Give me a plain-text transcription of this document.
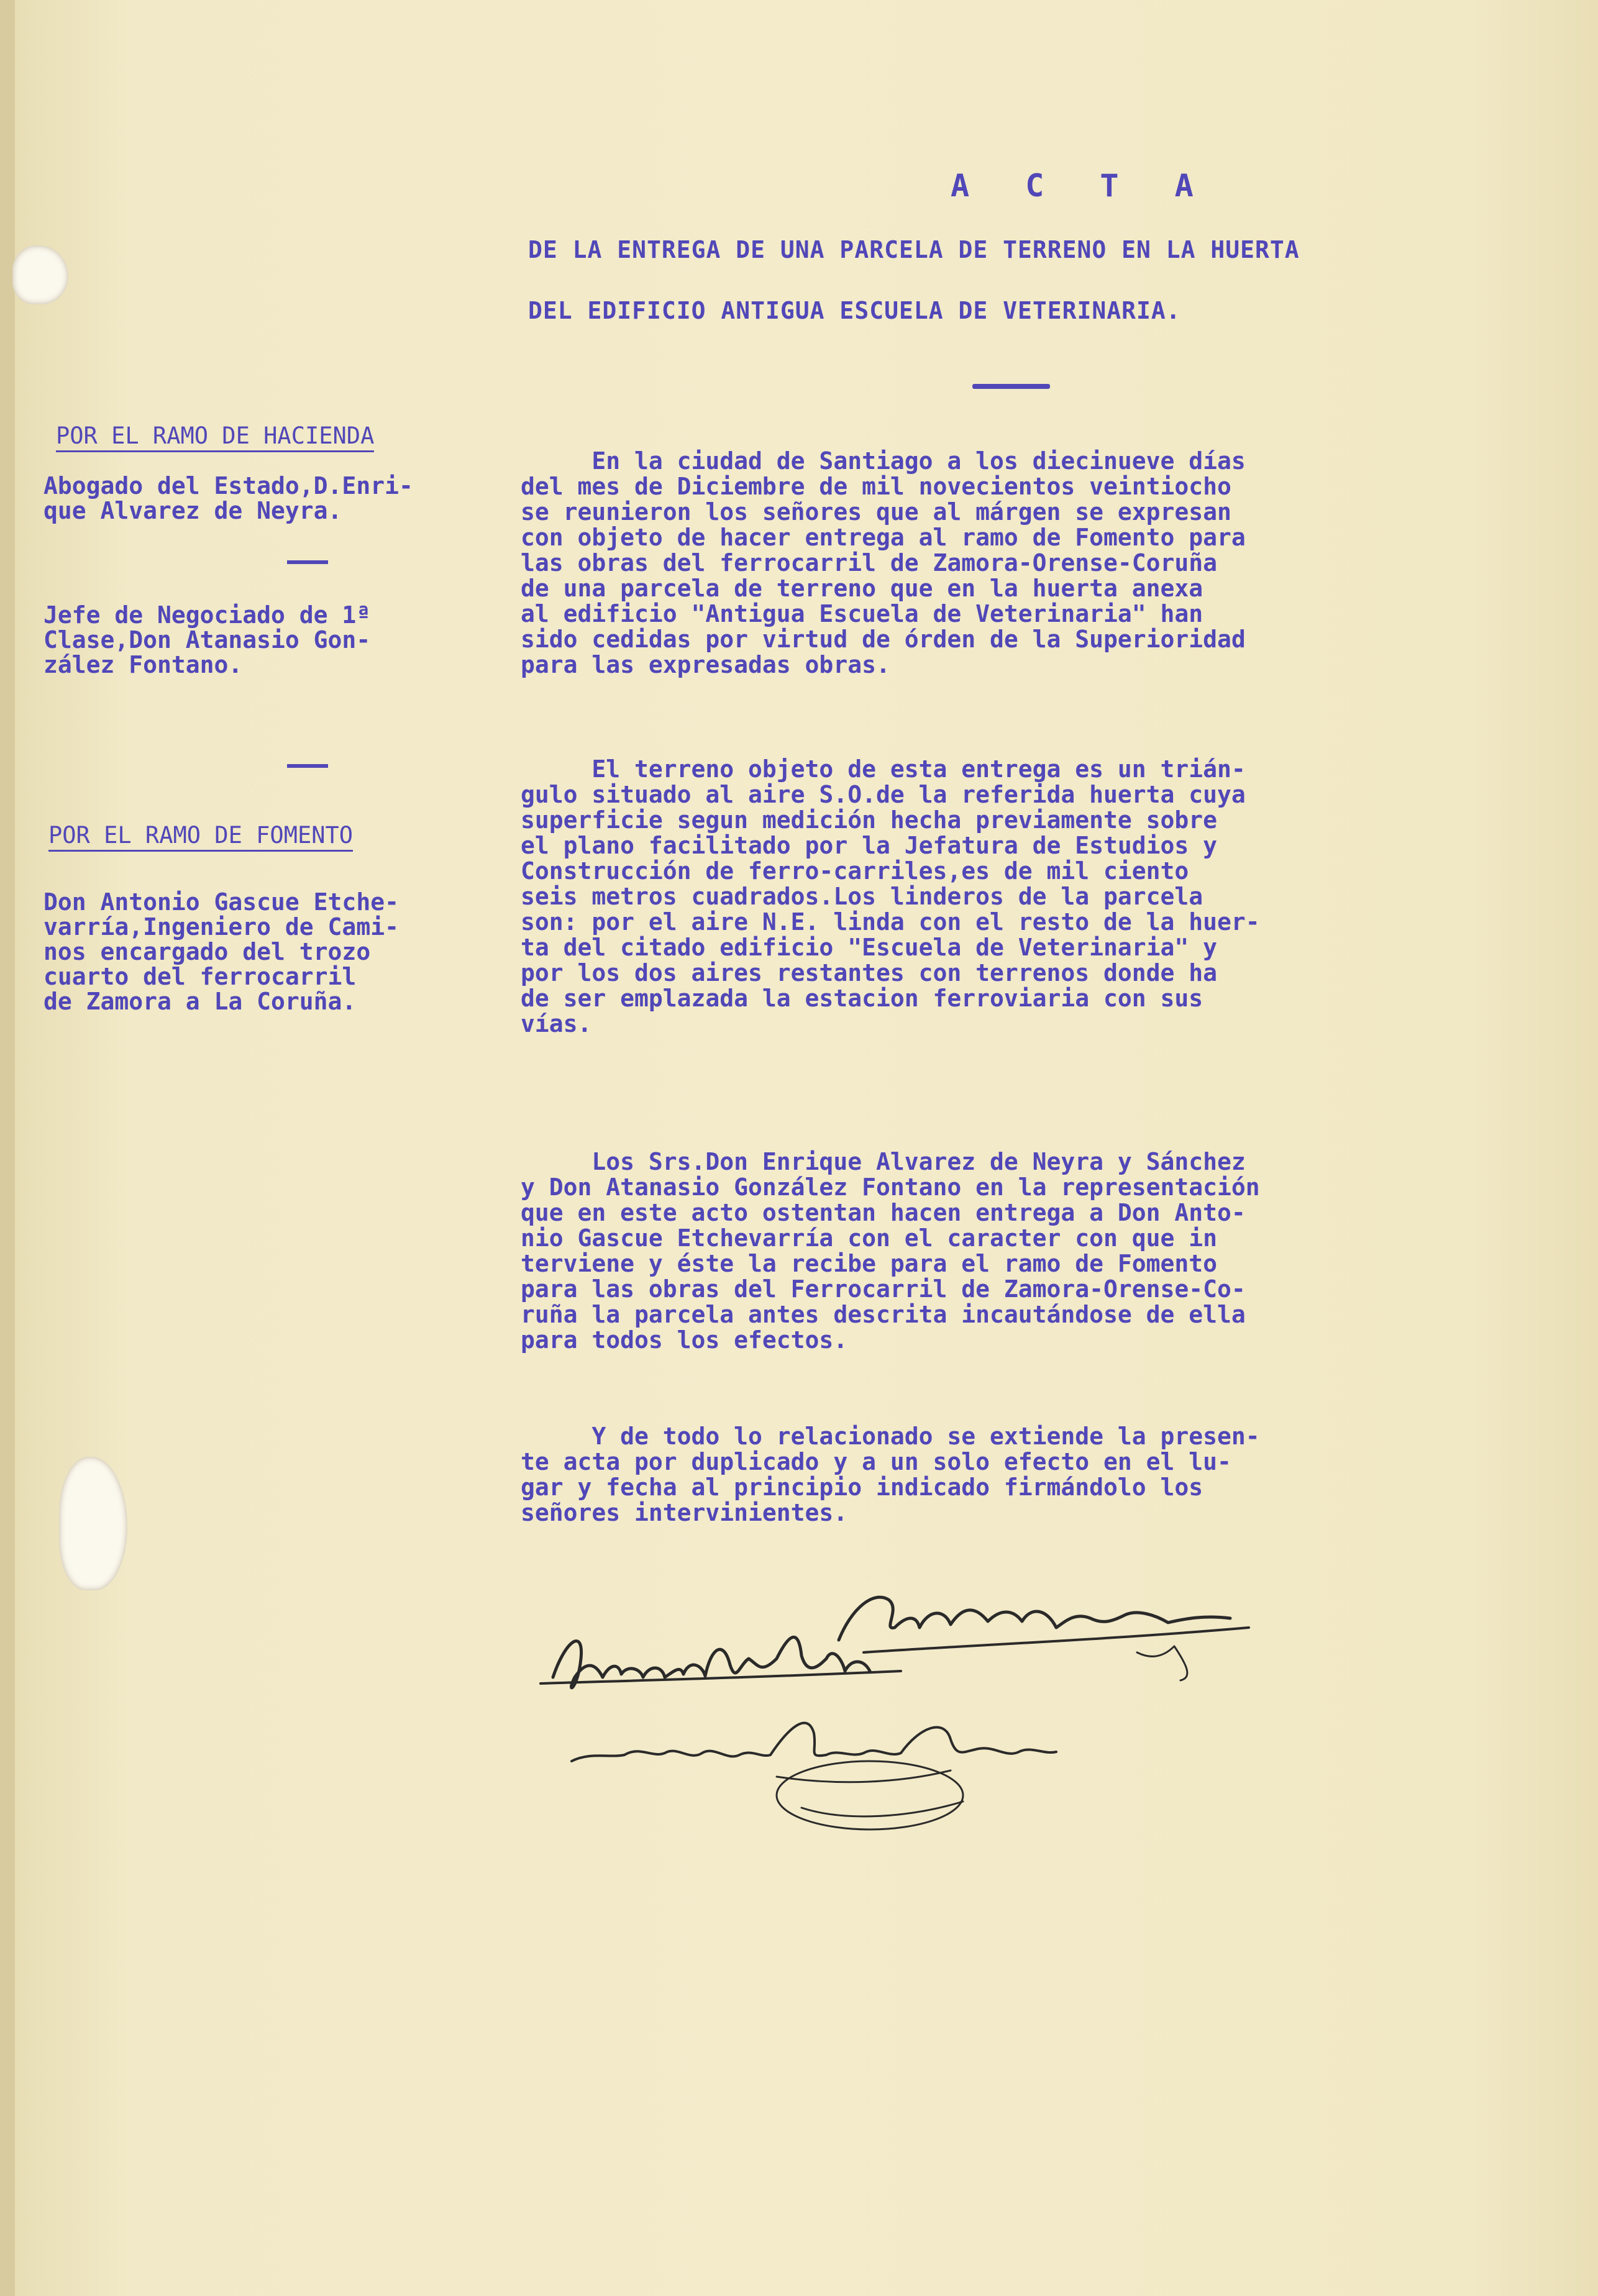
A C T A
DE LA ENTREGA DE UNA PARCELA DE TERRENO EN LA HUERTA
DEL EDIFICIO ANTIGUA ESCUELA DE VETERINARIA.
POR EL RAMO DE HACIENDA
Abogado del Estado,D.Enri-
que Alvarez de Neyra.
Jefe de Negociado de 1ª
Clase,Don Atanasio Gon-
zález Fontano.
POR EL RAMO DE FOMENTO
Don Antonio Gascue Etche-
varría,Ingeniero de Cami-
nos encargado del trozo
cuarto del ferrocarril
de Zamora a La Coruña.
En la ciudad de Santiago a los diecinueve días
del mes de Diciembre de mil novecientos veintiocho
se reunieron los señores que al márgen se expresan
con objeto de hacer entrega al ramo de Fomento para
las obras del ferrocarril de Zamora-Orense-Coruña
de una parcela de terreno que en la huerta anexa
al edificio "Antigua Escuela de Veterinaria" han
sido cedidas por virtud de órden de la Superioridad
para las expresadas obras.
El terreno objeto de esta entrega es un trián-
gulo situado al aire S.O.de la referida huerta cuya
superficie segun medición hecha previamente sobre
el plano facilitado por la Jefatura de Estudios y
Construcción de ferro-carriles,es de mil ciento
seis metros cuadrados.Los linderos de la parcela
son: por el aire N.E. linda con el resto de la huer-
ta del citado edificio "Escuela de Veterinaria" y
por los dos aires restantes con terrenos donde ha
de ser emplazada la estacion ferroviaria con sus
vías.
Los Srs.Don Enrique Alvarez de Neyra y Sánchez
y Don Atanasio González Fontano en la representación
que en este acto ostentan hacen entrega a Don Anto-
nio Gascue Etchevarría con el caracter con que in
terviene y éste la recibe para el ramo de Fomento
para las obras del Ferrocarril de Zamora-Orense-Co-
ruña la parcela antes descrita incautándose de ella
para todos los efectos.
Y de todo lo relacionado se extiende la presen-
te acta por duplicado y a un solo efecto en el lu-
gar y fecha al principio indicado firmándolo los
señores intervinientes.
